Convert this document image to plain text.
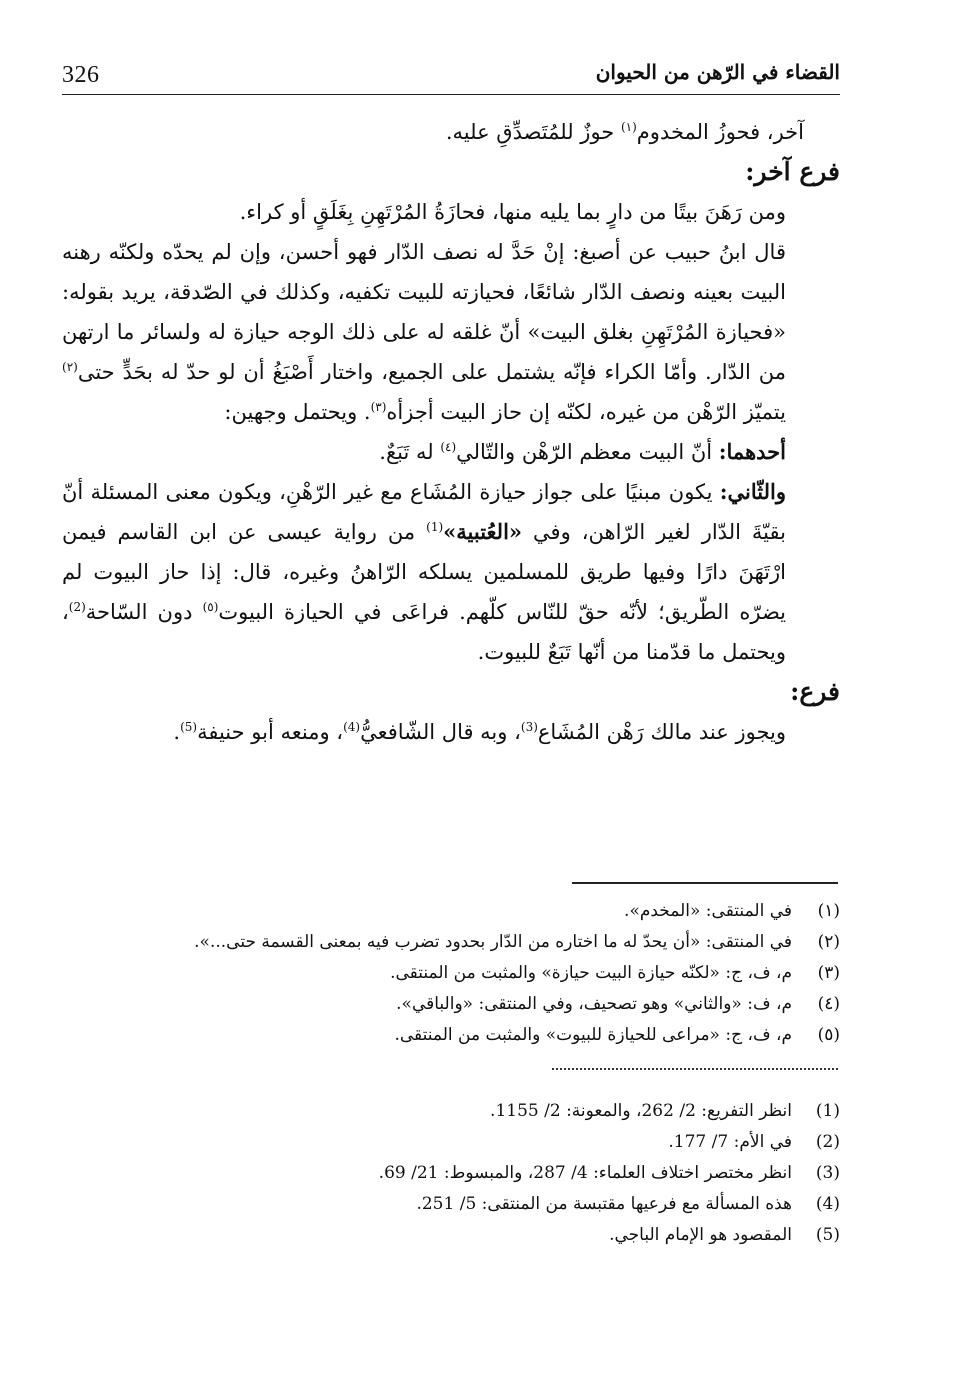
326	القضاء في الرّهن من الحيوان

آخر، فحوزُ المخدوم$^{(١)}$ حوزٌ للمُتَصدِّقِ عليه.

فرع آخر:

ومن رَهَنَ بيتًا من دارٍ بما يليه منها، فحازَةُ المُرْتَهِنِ بِغَلَقٍ أو كراء.

قال ابنُ حبيب عن أصبغ: إنْ حَدَّ له نصف الدّار فهو أحسن، وإن لم يحدّه ولكنّه رهنه البيت بعينه ونصف الدّار شائعًا، فحيازته للبيت تكفيه، وكذلك في الصّدقة، يريد بقوله: «فحيازة المُرْتَهِنِ بغلق البيت» أنّ غلقه له على ذلك الوجه حيازة له ولسائر ما ارتهن من الدّار. وأمّا الكراء فإنّه يشتمل على الجميع، واختار أَصْبَغُ أن لو حدّ له بحَدٍّ حتى$^{(٢)}$ يتميّز الرّهْن من غيره، لكنّه إن حاز البيت أجزأه$^{(٣)}$. ويحتمل وجهين:

أحدهما: أنّ البيت معظم الرّهْن والتّالي$^{(٤)}$ له تَبَعٌ.

والثّاني: يكون مبنيًا على جواز حيازة المُشَاع مع غير الرّهْنِ، ويكون معنى المسئلة أنّ بقيّةَ الدّار لغير الرّاهن، وفي «العُتبية»$^{(1)}$ من رواية عيسى عن ابن القاسم فيمن ارْتَهَنَ دارًا وفيها طريق للمسلمين يسلكه الرّاهنُ وغيره، قال: إذا حاز البيوت لم يضرّه الطّريق؛ لأنّه حقّ للنّاس كلّهم. فراعَى في الحيازة البيوت$^{(٥)}$ دون السّاحة$^{(2)}$، ويحتمل ما قدّمنا من أنّها تَبَعٌ للبيوت.

فرع:

ويجوز عند مالك رَهْن المُشَاع$^{(3)}$، وبه قال الشّافعيُّ$^{(4)}$، ومنعه أبو حنيفة$^{(5)}$.

(١)
في المنتقى: «المخدم».
(٢)
في المنتقى: «أن يحدّ له ما اختاره من الدّار بحدود تضرب فيه بمعنى القسمة حتى...».
(٣)
م، ف، ج: «لكنّه حيازة البيت حيازة» والمثبت من المنتقى.
(٤)
م، ف: «والثاني» وهو تصحيف، وفي المنتقى: «والباقي».
(٥)
م، ف، ج: «مراعى للحيازة للبيوت» والمثبت من المنتقى.
(1)
انظر التفريع: 2/ 262، والمعونة: 2/ 1155.
(2)
في الأم: 7/ 177.
(3)
انظر مختصر اختلاف العلماء: 4/ 287، والمبسوط: 21/ 69.
(4)
هذه المسألة مع فرعيها مقتبسة من المنتقى: 5/ 251.
(5)
المقصود هو الإمام الباجي.
